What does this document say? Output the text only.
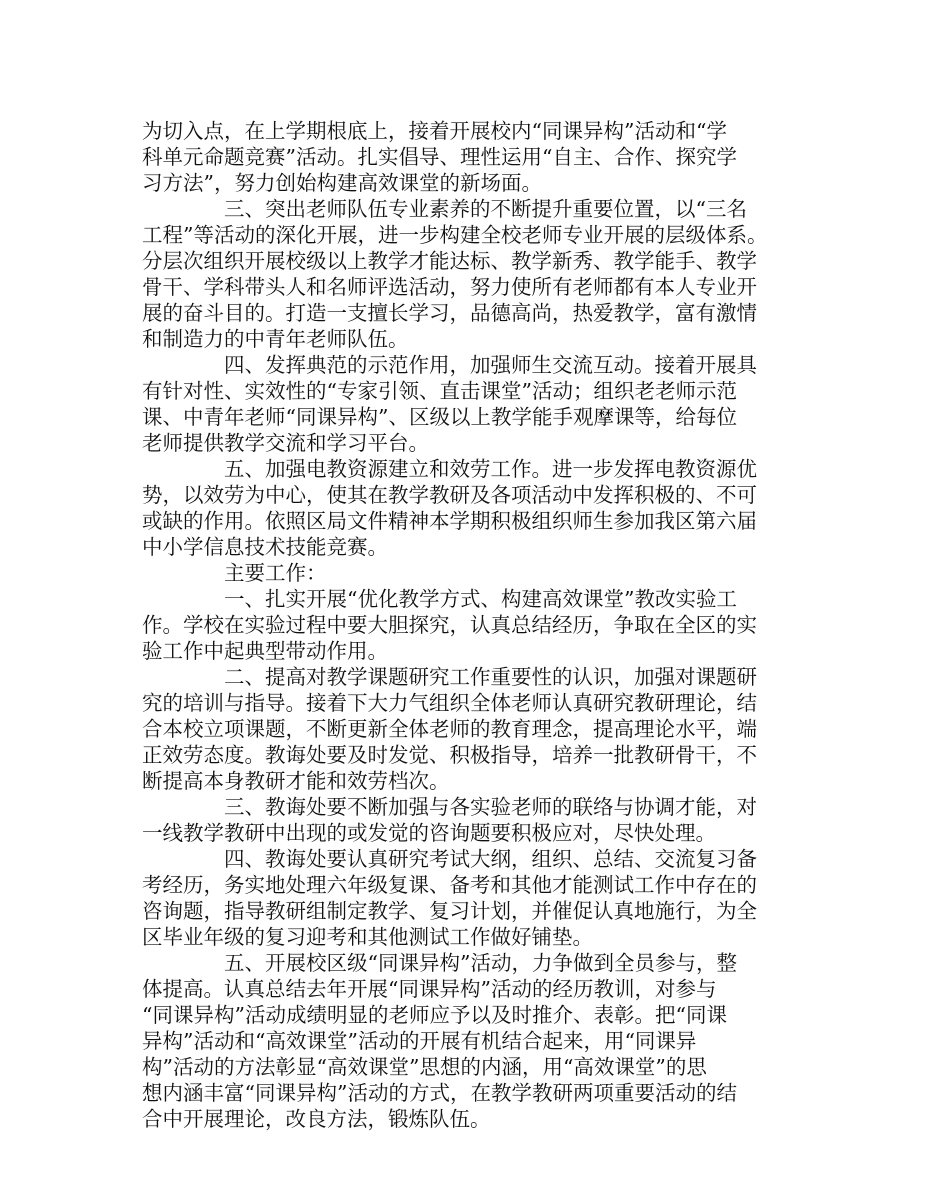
为切入点，在上学期根底上，接着开展校内“同课异构”活动和“学
科单元命题竞赛”活动。扎实倡导、理性运用“自主、合作、探究学
习方法”，努力创始构建高效课堂的新场面。
三、突出老师队伍专业素养的不断提升重要位置，以“三名
工程”等活动的深化开展，进一步构建全校老师专业开展的层级体系。
分层次组织开展校级以上教学才能达标、教学新秀、教学能手、教学
骨干、学科带头人和名师评选活动，努力使所有老师都有本人专业开
展的奋斗目的。打造一支擅长学习，品德高尚，热爱教学，富有激情
和制造力的中青年老师队伍。
四、发挥典范的示范作用，加强师生交流互动。接着开展具
有针对性、实效性的“专家引领、直击课堂”活动；组织老老师示范
课、中青年老师“同课异构”、区级以上教学能手观摩课等，给每位
老师提供教学交流和学习平台。
五、加强电教资源建立和效劳工作。进一步发挥电教资源优
势，以效劳为中心，使其在教学教研及各项活动中发挥积极的、不可
或缺的作用。依照区局文件精神本学期积极组织师生参加我区第六届
中小学信息技术技能竞赛。
主要工作：
一、扎实开展“优化教学方式、构建高效课堂”教改实验工
作。学校在实验过程中要大胆探究，认真总结经历，争取在全区的实
验工作中起典型带动作用。
二、提高对教学课题研究工作重要性的认识，加强对课题研
究的培训与指导。接着下大力气组织全体老师认真研究教研理论，结
合本校立项课题，不断更新全体老师的教育理念，提高理论水平，端
正效劳态度。教诲处要及时发觉、积极指导，培养一批教研骨干，不
断提高本身教研才能和效劳档次。
三、教诲处要不断加强与各实验老师的联络与协调才能，对
一线教学教研中出现的或发觉的咨询题要积极应对，尽快处理。
四、教诲处要认真研究考试大纲，组织、总结、交流复习备
考经历，务实地处理六年级复课、备考和其他才能测试工作中存在的
咨询题，指导教研组制定教学、复习计划，并催促认真地施行，为全
区毕业年级的复习迎考和其他测试工作做好铺垫。
五、开展校区级“同课异构”活动，力争做到全员参与，整
体提高。认真总结去年开展“同课异构”活动的经历教训，对参与
“同课异构”活动成绩明显的老师应予以及时推介、表彰。把“同课
异构”活动和“高效课堂”活动的开展有机结合起来，用“同课异
构”活动的方法彰显“高效课堂”思想的内涵，用“高效课堂”的思
想内涵丰富“同课异构”活动的方式，在教学教研两项重要活动的结
合中开展理论，改良方法，锻炼队伍。
